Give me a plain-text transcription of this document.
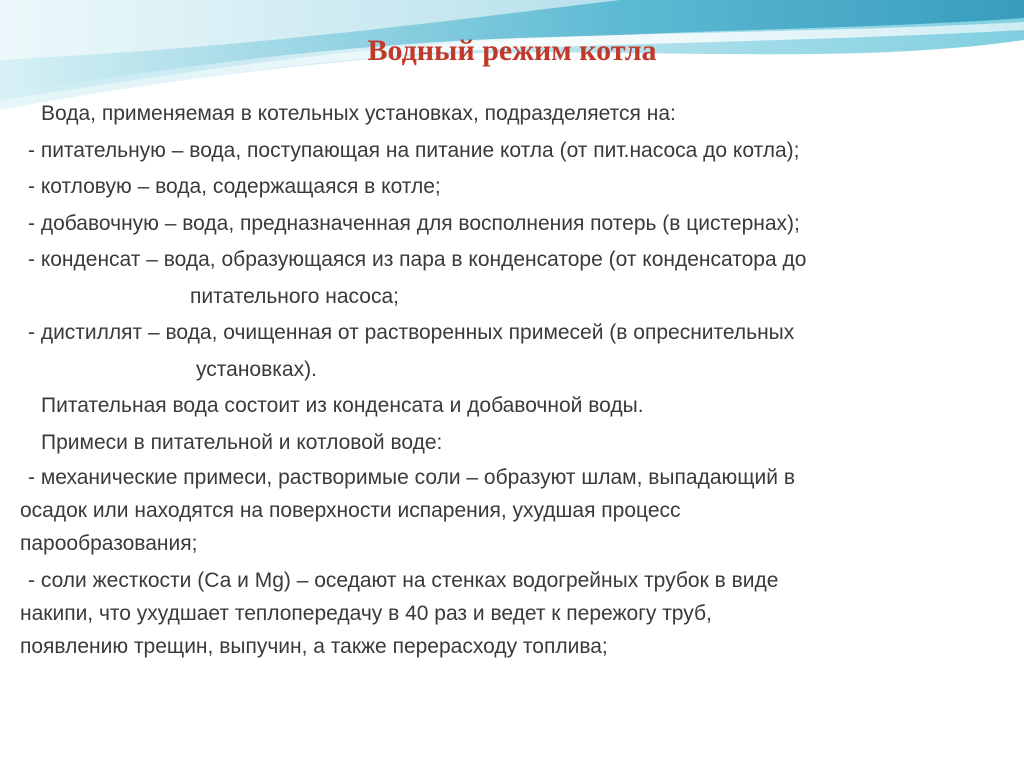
Водный режим котла

Вода, применяемая в котельных установках, подразделяется на:

- питательную – вода, поступающая на питание котла (от пит.насоса до котла);

- котловую – вода, содержащаяся в котле;

- добавочную – вода, предназначенная для восполнения потерь (в цистернах);

- конденсат – вода, образующаяся из пара в конденсаторе (от конденсатора до

питательного насоса;

- дистиллят – вода, очищенная от растворенных примесей (в опреснительных

установках).

Питательная вода состоит из конденсата и добавочной воды.

Примеси в питательной и котловой воде:

- механические примеси, растворимые соли – образуют шлам, выпадающий в

осадок или находятся на поверхности испарения, ухудшая процесс

парообразования;

- соли жесткости (Са и Mg) – оседают на стенках водогрейных трубок в виде

накипи, что ухудшает теплопередачу в 40 раз и ведет к пережогу труб,

появлению трещин, выпучин, а также перерасходу топлива;
